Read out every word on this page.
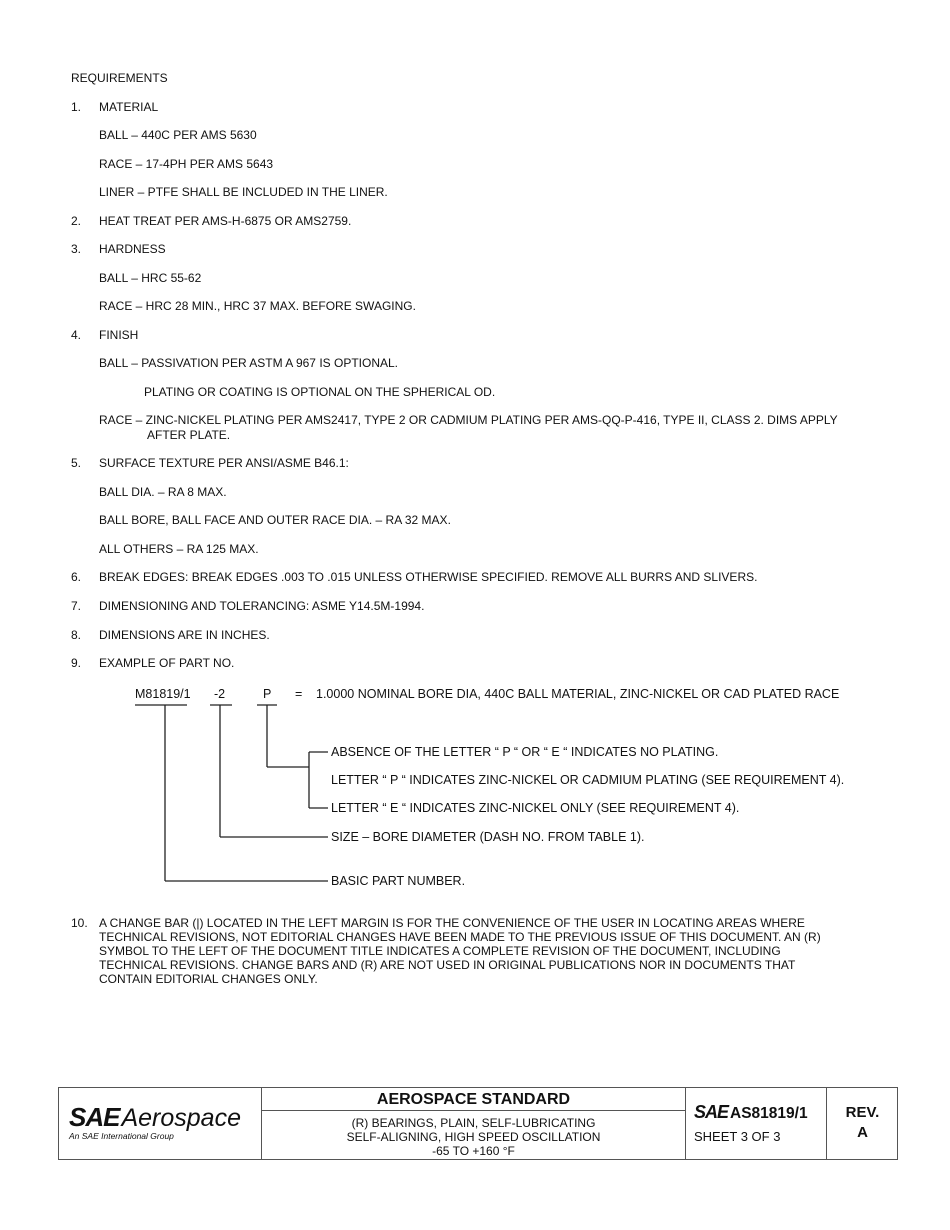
REQUIREMENTS
1. MATERIAL
BALL – 440C PER AMS 5630
RACE – 17-4PH PER AMS 5643
LINER – PTFE SHALL BE INCLUDED IN THE LINER.
2. HEAT TREAT PER AMS-H-6875 OR AMS2759.
3. HARDNESS
BALL – HRC 55-62
RACE – HRC 28 MIN., HRC 37 MAX. BEFORE SWAGING.
4. FINISH
BALL – PASSIVATION PER ASTM A 967 IS OPTIONAL.
PLATING OR COATING IS OPTIONAL ON THE SPHERICAL OD.
RACE – ZINC-NICKEL PLATING PER AMS2417, TYPE 2 OR CADMIUM PLATING PER AMS-QQ-P-416, TYPE II, CLASS 2. DIMS APPLY
AFTER PLATE.
5. SURFACE TEXTURE PER ANSI/ASME B46.1:
BALL DIA. – RA 8 MAX.
BALL BORE, BALL FACE AND OUTER RACE DIA. – RA 32 MAX.
ALL OTHERS – RA 125 MAX.
6. BREAK EDGES: BREAK EDGES .003 TO .015 UNLESS OTHERWISE SPECIFIED. REMOVE ALL BURRS AND SLIVERS.
7. DIMENSIONING AND TOLERANCING: ASME Y14.5M-1994.
8. DIMENSIONS ARE IN INCHES.
9. EXAMPLE OF PART NO.
M81819/1 -2	P = 1.0000 NOMINAL BORE DIA, 440C BALL MATERIAL, ZINC-NICKEL OR CAD PLATED RACE
ABSENCE OF THE LETTER “ P “ OR “ E “ INDICATES NO PLATING.
LETTER “ P “ INDICATES ZINC-NICKEL OR CADMIUM PLATING (SEE REQUIREMENT 4).
LETTER “ E “ INDICATES ZINC-NICKEL ONLY (SEE REQUIREMENT 4).
SIZE – BORE DIAMETER (DASH NO. FROM TABLE 1).
BASIC PART NUMBER.
10. A CHANGE BAR (|) LOCATED IN THE LEFT MARGIN IS FOR THE CONVENIENCE OF THE USER IN LOCATING AREAS WHERE
TECHNICAL REVISIONS, NOT EDITORIAL CHANGES HAVE BEEN MADE TO THE PREVIOUS ISSUE OF THIS DOCUMENT. AN (R)
SYMBOL TO THE LEFT OF THE DOCUMENT TITLE INDICATES A COMPLETE REVISION OF THE DOCUMENT, INCLUDING
TECHNICAL REVISIONS. CHANGE BARS AND (R) ARE NOT USED IN ORIGINAL PUBLICATIONS NOR IN DOCUMENTS THAT
CONTAIN EDITORIAL CHANGES ONLY.
SAEAerospace
An SAE International Group
AEROSPACE STANDARD
(R) BEARINGS, PLAIN, SELF-LUBRICATING
SELF-ALIGNING, HIGH SPEED OSCILLATION
-65 TO +160 °F
SAE AS81819/1
SHEET 3 OF 3
REV.
A
